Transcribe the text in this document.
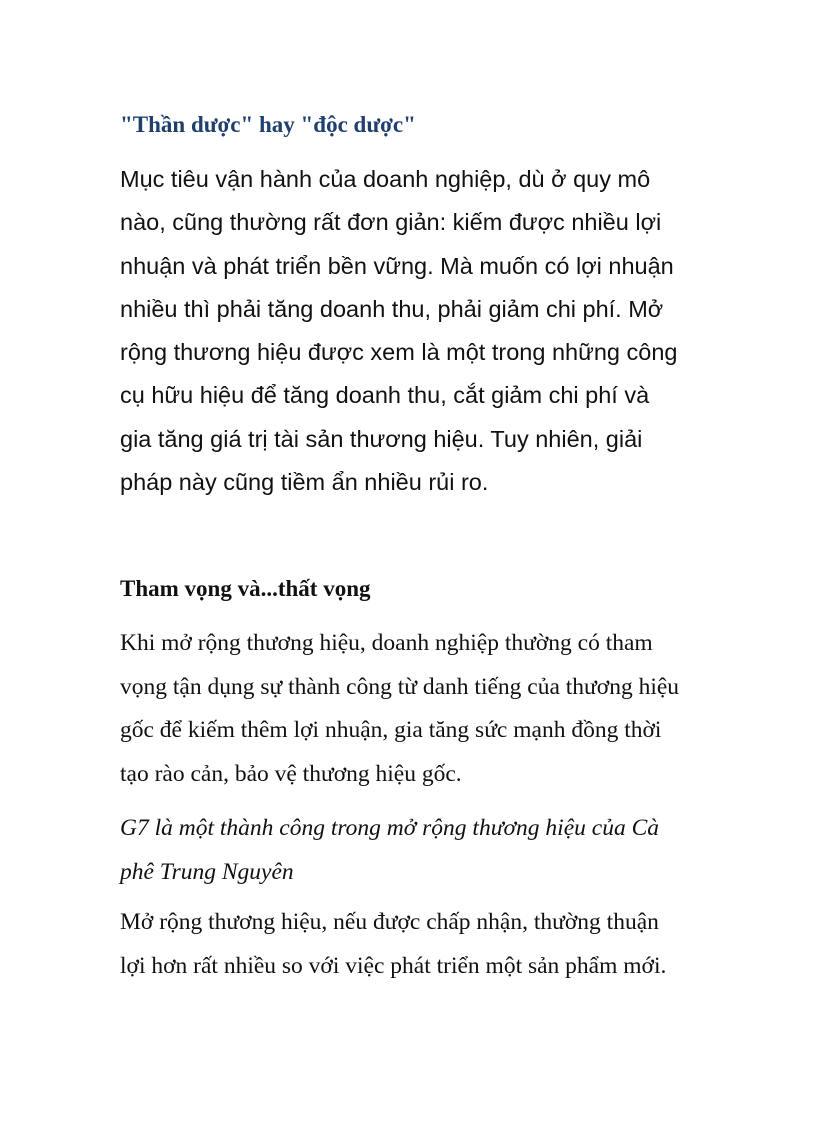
"Thần dược" hay "độc dược"

Mục tiêu vận hành của doanh nghiệp, dù ở quy mô
nào, cũng thường rất đơn giản: kiếm được nhiều lợi
nhuận và phát triển bền vững. Mà muốn có lợi nhuận
nhiều thì phải tăng doanh thu, phải giảm chi phí. Mở
rộng thương hiệu được xem là một trong những công
cụ hữu hiệu để tăng doanh thu, cắt giảm chi phí và
gia tăng giá trị tài sản thương hiệu. Tuy nhiên, giải
pháp này cũng tiềm ẩn nhiều rủi ro.

Tham vọng và...thất vọng

Khi mở rộng thương hiệu, doanh nghiệp thường có tham
vọng tận dụng sự thành công từ danh tiếng của thương hiệu
gốc để kiếm thêm lợi nhuận, gia tăng sức mạnh đồng thời
tạo rào cản, bảo vệ thương hiệu gốc.

G7 là một thành công trong mở rộng thương hiệu của Cà
phê Trung Nguyên

Mở rộng thương hiệu, nếu được chấp nhận, thường thuận
lợi hơn rất nhiều so với việc phát triển một sản phẩm mới.
